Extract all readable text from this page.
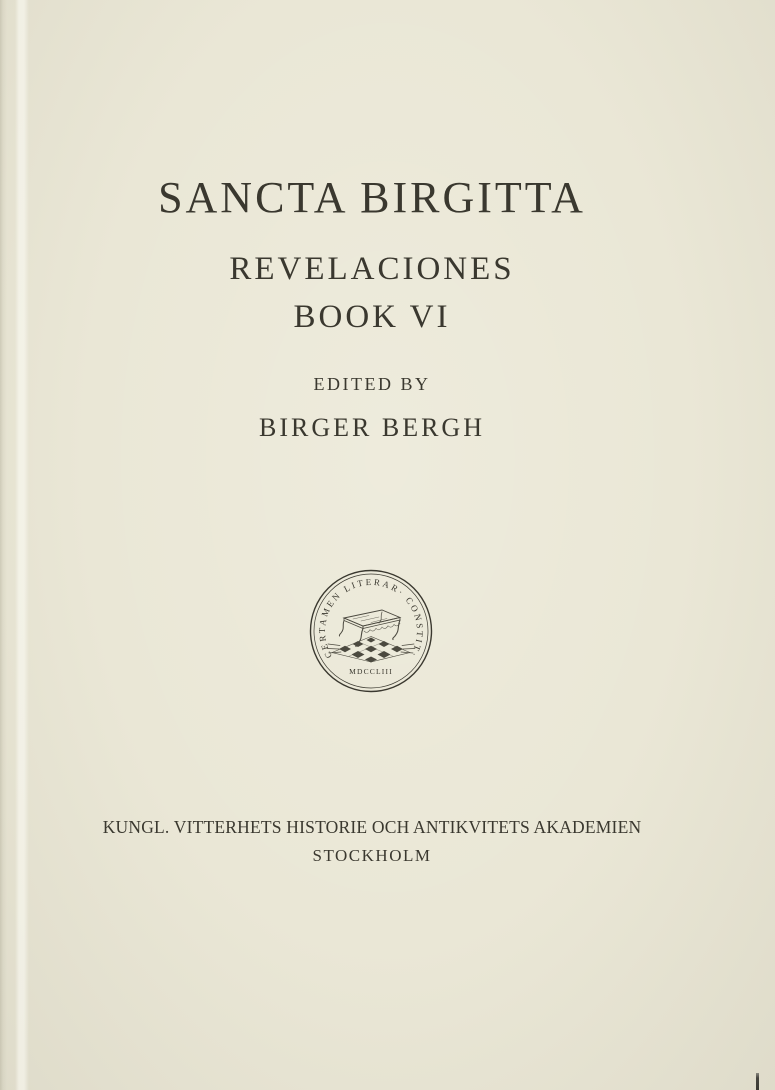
SANCTA BIRGITTA
REVELACIONES
BOOK VI
EDITED BY
BIRGER BERGH
CERTAMEN LITERAR· CONSTIT·
MDCCLIII
KUNGL. VITTERHETS HISTORIE OCH ANTIKVITETS AKADEMIEN
STOCKHOLM
